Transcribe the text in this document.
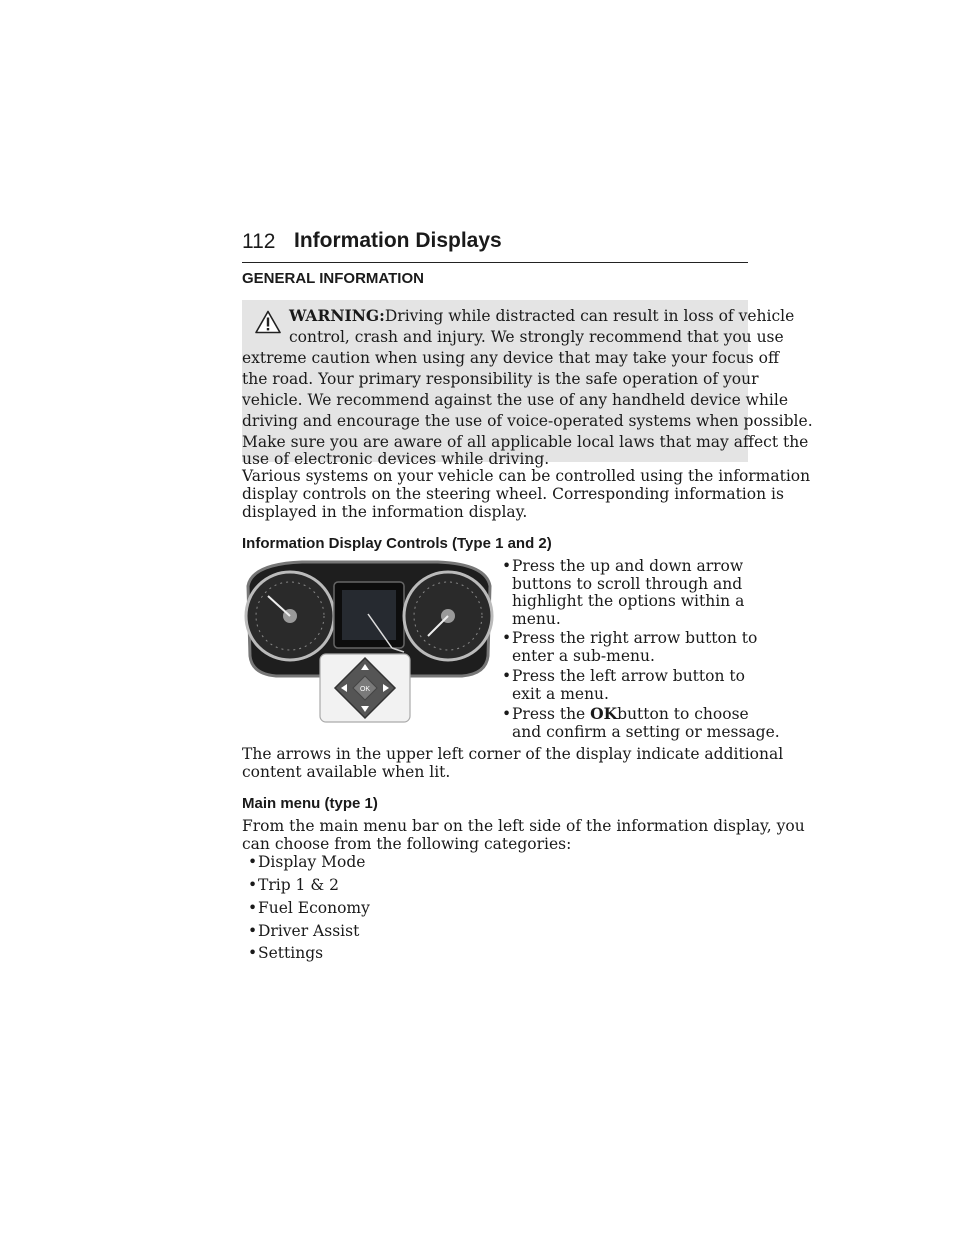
112 Information Displays
GENERAL INFORMATION
WARNING:Driving while distracted can result in loss of vehicle
control, crash and injury. We strongly recommend that you use
extreme caution when using any device that may take your focus off
the road. Your primary responsibility is the safe operation of your
vehicle. We recommend against the use of any handheld device while
driving and encourage the use of voice-operated systems when possible.
Make sure you are aware of all applicable local laws that may affect the
use of electronic devices while driving.

Various systems on your vehicle can be controlled using the information

display controls on the steering wheel. Corresponding information is

displayed in the information display.

Information Display Controls (Type 1 and 2)
OK
• Press the up and down arrow
buttons to scroll through and
highlight the options within a
menu.
• Press the right arrow button to
enter a sub-menu.
• Press the left arrow button to
exit a menu.
• Press the OKbutton to choose
and confirm a setting or message.

The arrows in the upper left corner of the display indicate additional

content available when lit.

Main menu (type 1)

From the main menu bar on the left side of the information display, you

can choose from the following categories:

• Display Mode
• Trip 1 & 2
• Fuel Economy
• Driver Assist
• Settings
